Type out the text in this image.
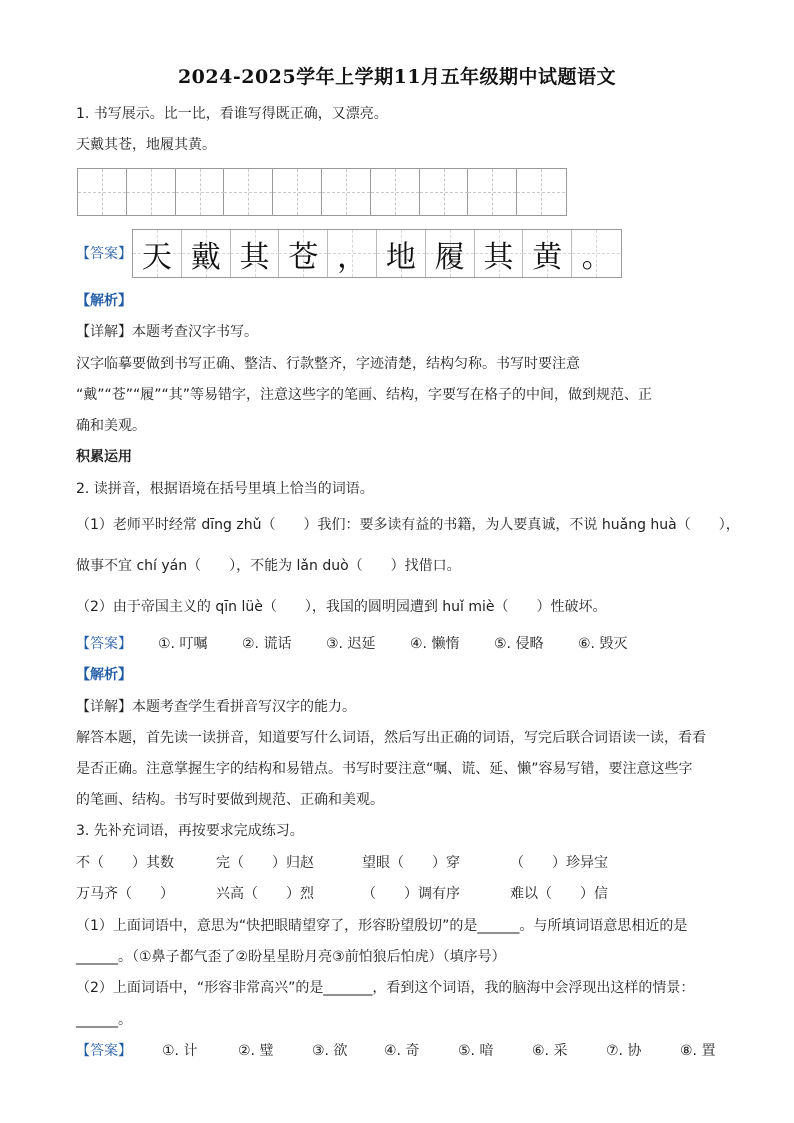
2024-2025学年上学期11月五年级期中试题语文
1. 书写展示。比一比，看谁写得既正确，又漂亮。
天戴其苍，地履其黄。
【答案】 天 戴 其 苍 ， 地 履 其 黄 。
【解析】
【详解】本题考查汉字书写。
汉字临摹要做到书写正确、整洁、行款整齐，字迹清楚，结构匀称。书写时要注意
“戴”“苍”“履”“其”等易错字，注意这些字的笔画、结构，字要写在格子的中间，做到规范、正
确和美观。
积累运用
2. 读拼音，根据语境在括号里填上恰当的词语。
（1）老师平时经常 dīng zhǔ（　　）我们：要多读有益的书籍，为人要真诚，不说 huǎng huà（　　），
做事不宜 chí yán（　　），不能为 lǎn duò（　　）找借口。
（2）由于帝国主义的 qīn lüè（　　），我国的圆明园遭到 huǐ miè（　　）性破坏。
【答案】 ①. 叮嘱 ②. 谎话 ③. 迟延 ④. 懒惰 ⑤. 侵略 ⑥. 毁灭
【解析】
【详解】本题考查学生看拼音写汉字的能力。
解答本题，首先读一读拼音，知道要写什么词语，然后写出正确的词语，写完后联合词语读一读，看看
是否正确。注意掌握生字的结构和易错点。书写时要注意“嘱、谎、延、懒”容易写错，要注意这些字
的笔画、结构。书写时要做到规范、正确和美观。
3. 先补充词语，再按要求完成练习。
不（　　）其数	完（　　）归赵	望眼（　　）穿	（　　）珍异宝
万马齐（　　）	兴高（　　）烈	（　　）调有序	难以（　　）信
（1）上面词语中，意思为“快把眼睛望穿了，形容盼望殷切”的是______。与所填词语意思相近的是
______。（①鼻子都气歪了②盼星星盼月亮③前怕狼后怕虎）（填序号）
（2）上面词语中，“形容非常高兴”的是_______，看到这个词语，我的脑海中会浮现出这样的情景：
______。
【答案】 ①. 计	②. 璧	③. 欲	④. 奇	⑤. 喑	⑥. 采	⑦. 协	⑧. 置
